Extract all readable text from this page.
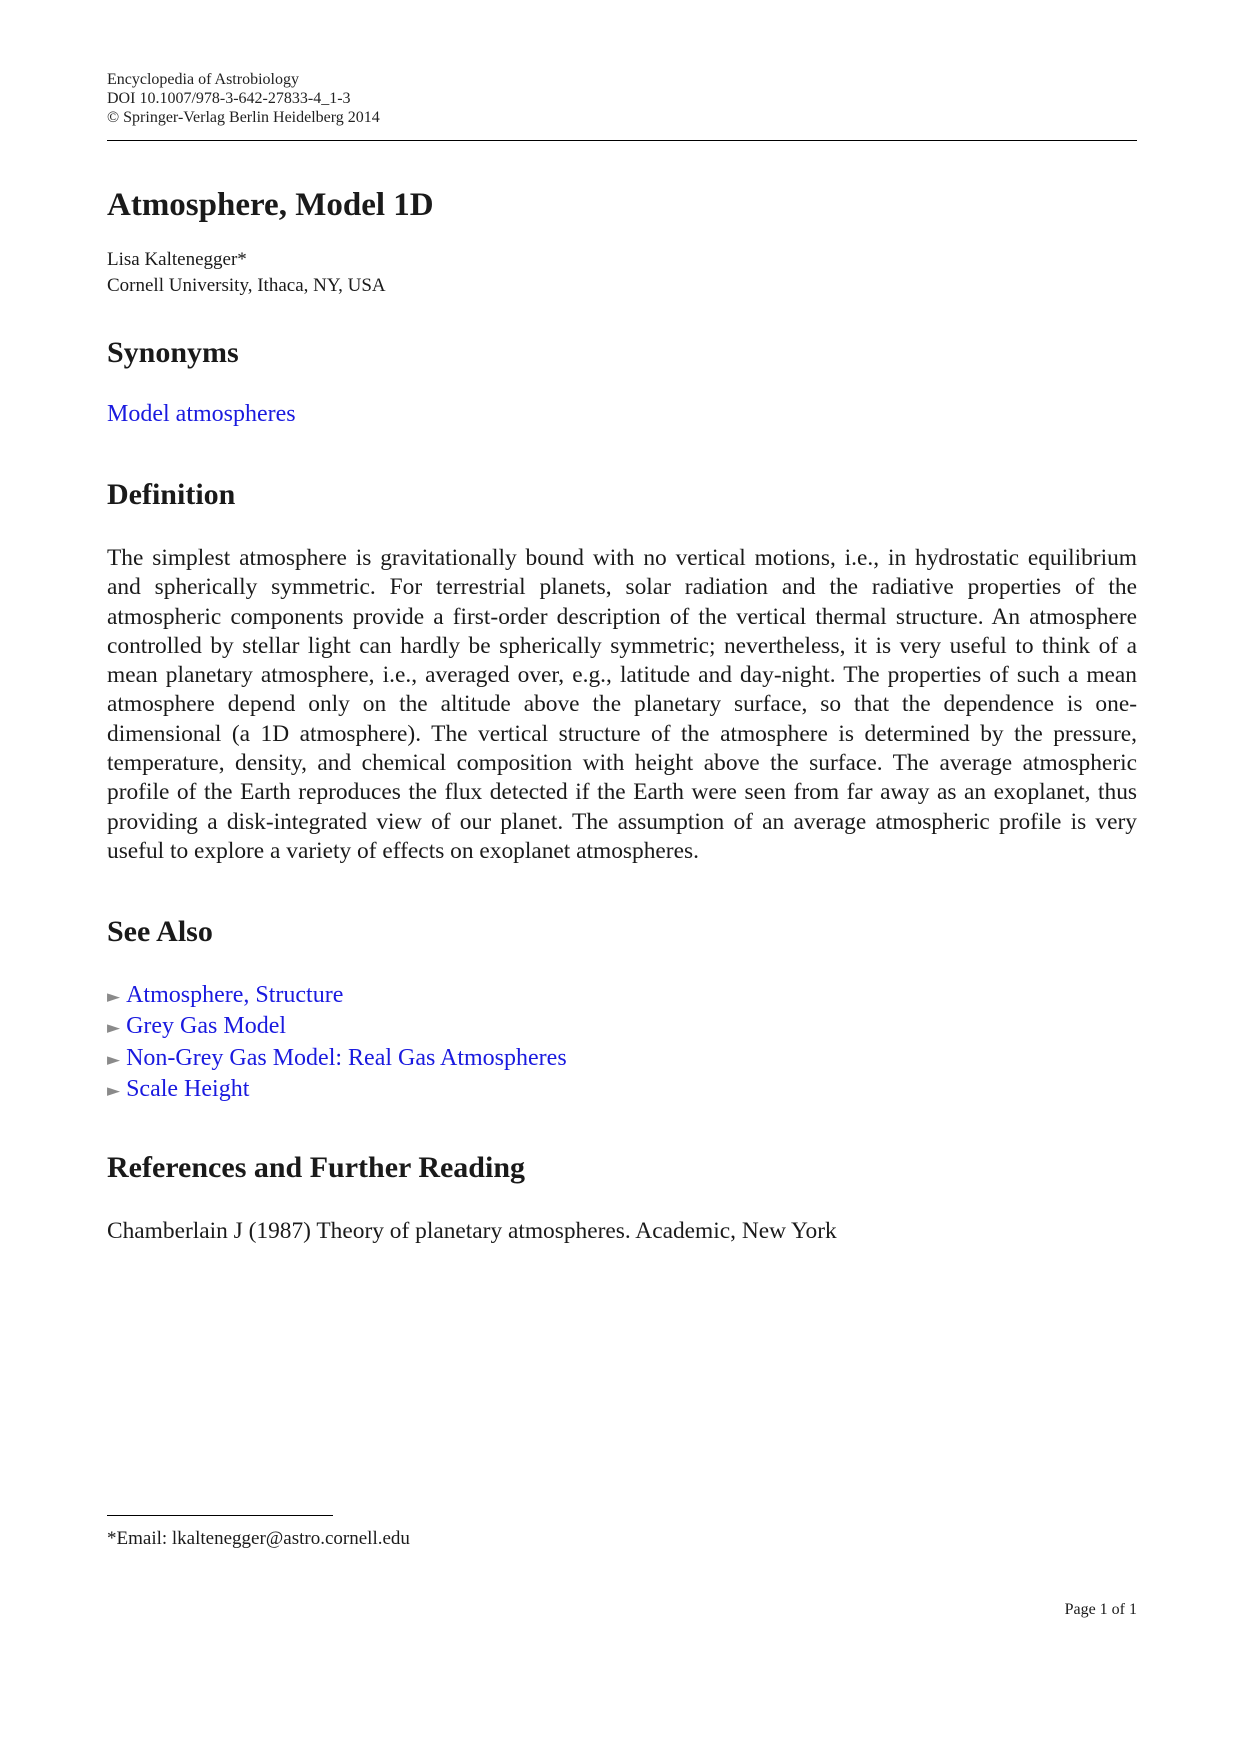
Encyclopedia of Astrobiology
DOI 10.1007/978-3-642-27833-4_1-3
© Springer-Verlag Berlin Heidelberg 2014
Atmosphere, Model 1D
Lisa Kaltenegger*
Cornell University, Ithaca, NY, USA
Synonyms
Model atmospheres
Definition

The simplest atmosphere is gravitationally bound with no vertical motions, i.e., in hydrostatic equilibrium and spherically symmetric. For terrestrial planets, solar radiation and the radiative properties of the atmospheric components provide a first-order description of the vertical thermal structure. An atmosphere controlled by stellar light can hardly be spherically symmetric; nevertheless, it is very useful to think of a mean planetary atmosphere, i.e., averaged over, e.g., latitude and day-night. The properties of such a mean atmosphere depend only on the altitude above the planetary surface, so that the dependence is one-dimensional (a 1D atmosphere). The vertical structure of the atmosphere is determined by the pressure, temperature, density, and chemical composition with height above the surface. The average atmospheric profile of the Earth reproduces the flux detected if the Earth were seen from far away as an exoplanet, thus providing a disk-integrated view of our planet. The assumption of an average atmospheric profile is very useful to explore a variety of effects on exoplanet atmospheres.

See Also
► Atmosphere, Structure
► Grey Gas Model
► Non-Grey Gas Model: Real Gas Atmospheres
► Scale Height
References and Further Reading
Chamberlain J (1987) Theory of planetary atmospheres. Academic, New York
*Email: lkaltenegger@astro.cornell.edu
Page 1 of 1
